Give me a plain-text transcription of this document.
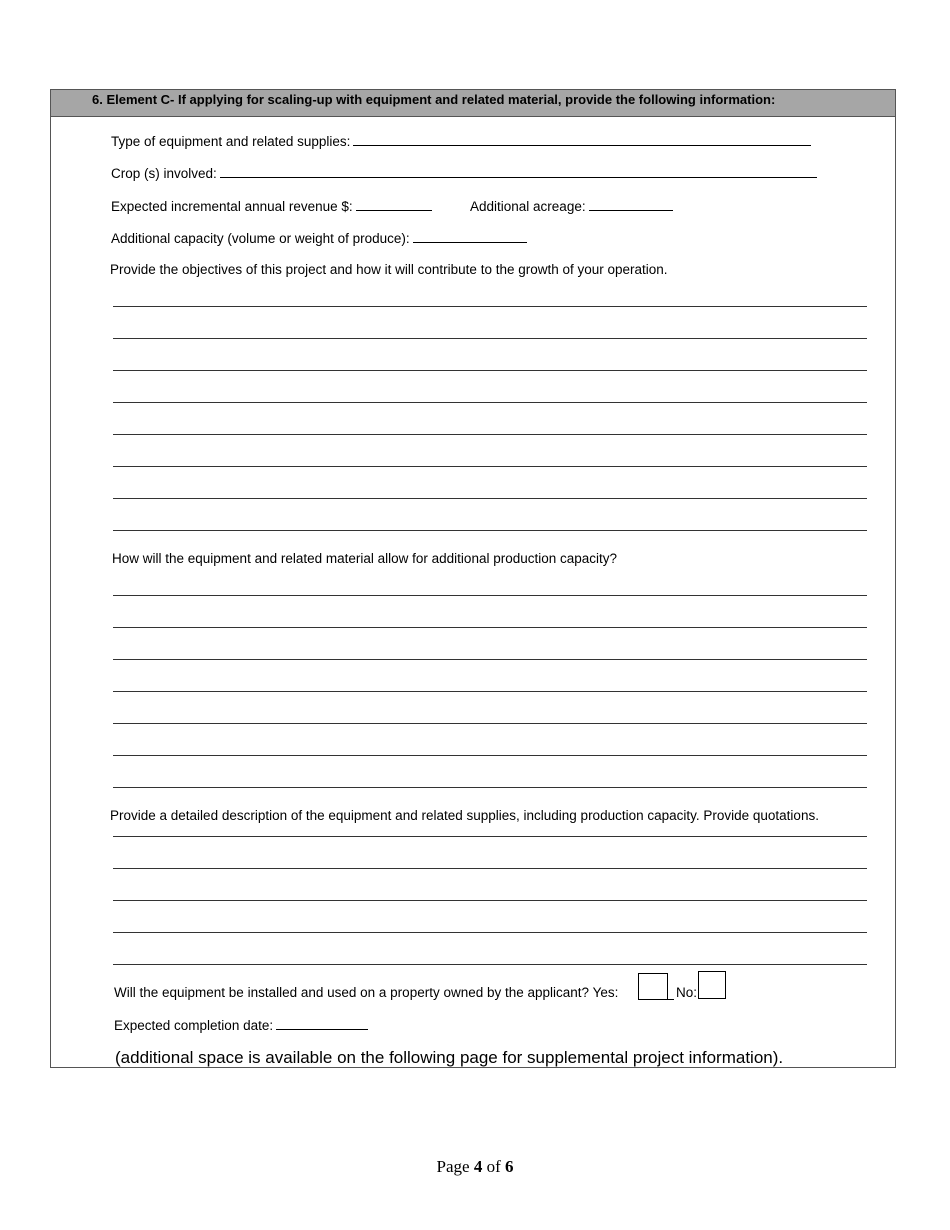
6. Element C- If applying for scaling-up with equipment and related material, provide the following information:
Type of equipment and related supplies:
Crop (s) involved:
Expected incremental annual revenue $:	Additional acreage:
Additional capacity (volume or weight of produce):
Provide the objectives of this project and how it will contribute to the growth of your operation.
How will the equipment and related material allow for additional production capacity?
Provide a detailed description of the equipment and related supplies, including production capacity. Provide quotations.
Will the equipment be installed and used on a property owned by the applicant? Yes:	No:
Expected completion date:
(additional space is available on the following page for supplemental project information).
Page 4 of 6
